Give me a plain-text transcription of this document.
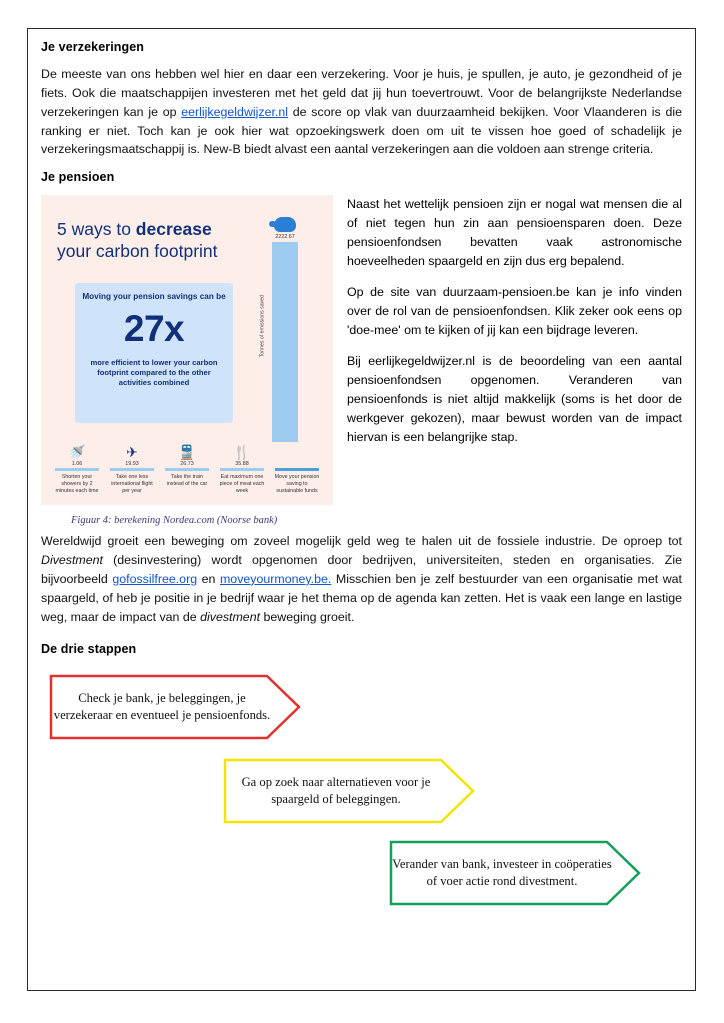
Je verzekeringen

De meeste van ons hebben wel hier en daar een verzekering. Voor je huis, je spullen, je auto, je gezondheid of je fiets. Ook die maatschappijen investeren met het geld dat jij hun toevertrouwt. Voor de belangrijkste Nederlandse verzekeringen kan je op eerlijkegeldwijzer.nl de score op vlak van duurzaamheid bekijken. Voor Vlaanderen is die ranking er niet. Toch kan je ook hier wat opzoekingswerk doen om uit te vissen hoe goed of schadelijk je verzekeringsmaatschappij is. New-B biedt alvast een aantal verzekeringen aan die voldoen aan strenge criteria.

Je pensioen
5 ways to decrease
your carbon footprint
Moving your pension savings can be
27x
more efficient to lower your carbon footprint compared to the other activities combined
Tonnes of emissions saved
2222.67
🚿
1.06
Shorten your showers by 2 minutes each time
✈
19.93
Take one less international flight per year
🚆
26.73
Take the train instead of the car
🍴
35.88
Eat maximum one piece of meat each week

Move your pension saving to sustainable funds
Figuur 4: berekening Nordea.com (Noorse bank)

Naast het wettelijk pensioen zijn er nogal wat mensen die al of niet tegen hun zin aan pensioensparen doen. Deze pensioenfondsen bevatten vaak astronomische hoeveelheden spaargeld en zijn dus erg bepalend.

Op de site van duurzaam-pensioen.be kan je info vinden over de rol van de pensioenfondsen. Klik zeker ook eens op 'doe-mee' om te kijken of jij kan een bijdrage leveren.

Bij eerlijkegeldwijzer.nl is de beoordeling van een aantal pensioenfondsen opgenomen. Veranderen van pensioenfonds is niet altijd makkelijk (soms is het door de werkgever gekozen), maar bewust worden van de impact hiervan is een belangrijke stap.

Wereldwijd groeit een beweging om zoveel mogelijk geld weg te halen uit de fossiele industrie. De oproep tot Divestment (desinvestering) wordt opgenomen door bedrijven, universiteiten, steden en organisaties. Zie bijvoorbeeld gofossilfree.org en moveyourmoney.be. Misschien ben je zelf bestuurder van een organisatie met wat spaargeld, of heb je positie in je bedrijf waar je het thema op de agenda kan zetten. Het is vaak een lange en lastige weg, maar de impact van de divestment beweging groeit.

De drie stappen
Check je bank, je beleggingen, je verzekeraar en eventueel je pensioenfonds.
Ga op zoek naar alternatieven voor je spaargeld of beleggingen.
Verander van bank, investeer in coöperaties of voer actie rond divestment.
